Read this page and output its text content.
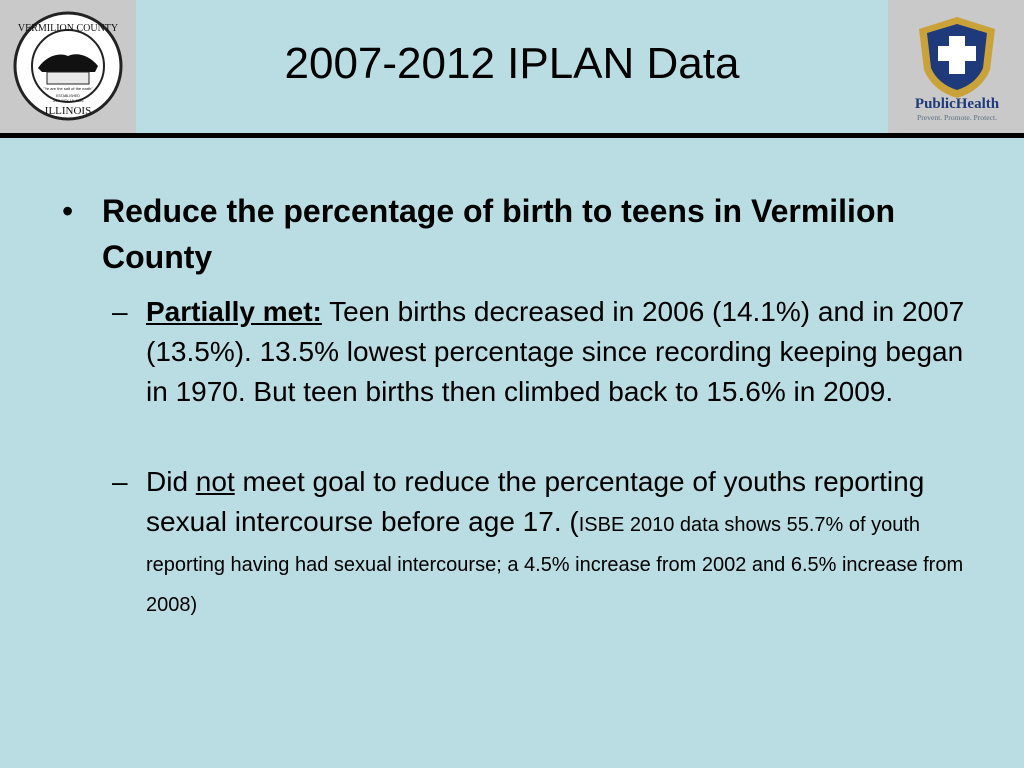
VERMILION COUNTY
ILLINOIS
"Ye are the salt of the earth"
ESTABLISHED
JANUARY 18, 1826
2007-2012 IPLAN Data
PublicHealth
Prevent. Promote. Protect.
• Reduce the percentage of birth to teens in Vermilion County
– Partially met: Teen births decreased in 2006 (14.1%) and in 2007 (13.5%). 13.5% lowest percentage since recording keeping began in 1970. But teen births then climbed back to 15.6% in 2009.
– Did not meet goal to reduce the percentage of youths reporting sexual intercourse before age 17. (ISBE 2010 data shows 55.7% of youth reporting having had sexual intercourse; a 4.5% increase from 2002 and 6.5% increase from 2008)
